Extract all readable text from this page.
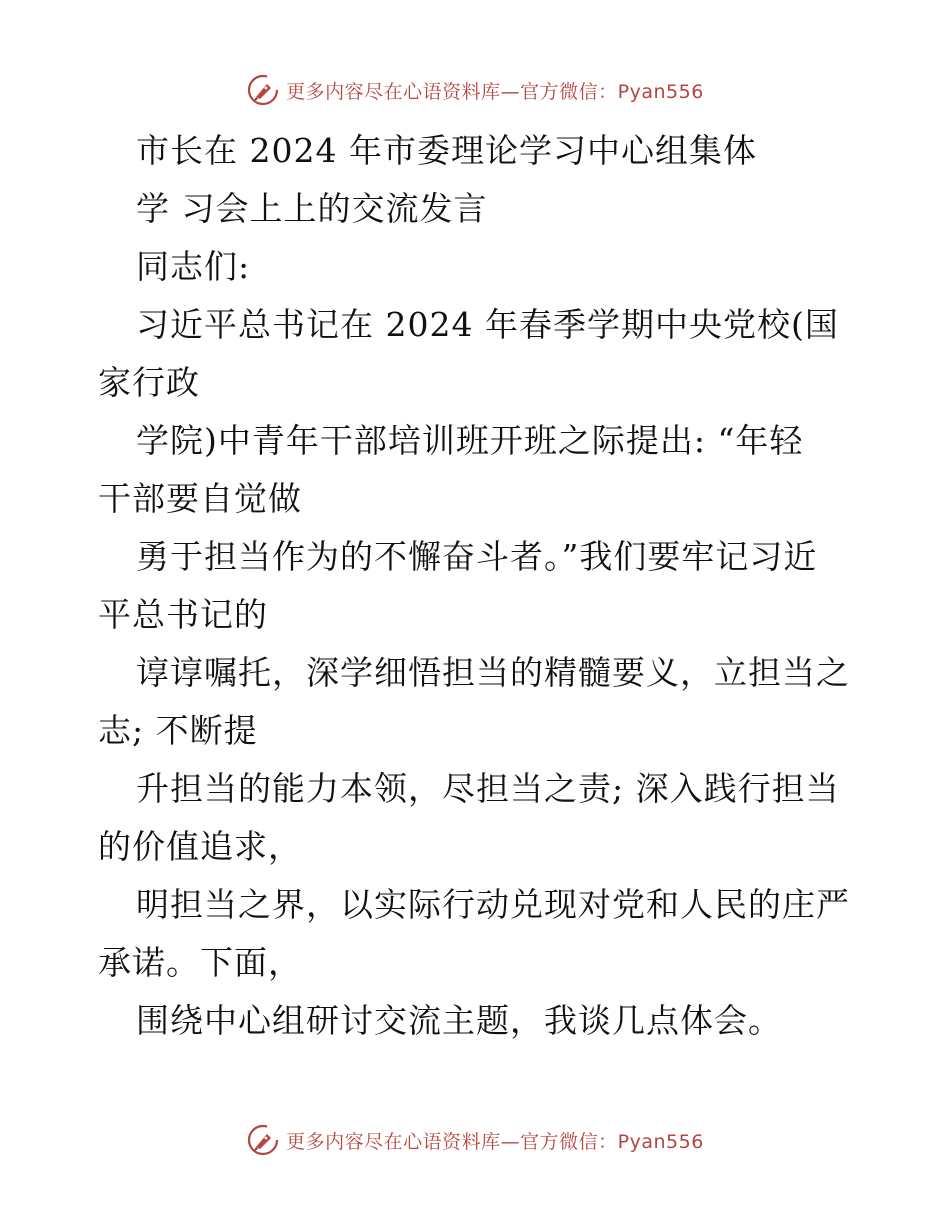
更多内容尽在心语资料库—官方微信：Pyan556
市长在 2024 年市委理论学习中心组集体
学 习会上上的交流发言
同志们:
习近平总书记在 2024 年春季学期中央党校(国
家行政
学院)中青年干部培训班开班之际提出: “年轻
干部要自觉做
勇于担当作为的不懈奋斗者。”我们要牢记习近
平总书记的
谆谆嘱托，深学细悟担当的精髓要义，立担当之
志; 不断提
升担当的能力本领，尽担当之责; 深入践行担当
的价值追求，
明担当之界，以实际行动兑现对党和人民的庄严
承诺。下面，
围绕中心组研讨交流主题，我谈几点体会。
更多内容尽在心语资料库—官方微信：Pyan556
